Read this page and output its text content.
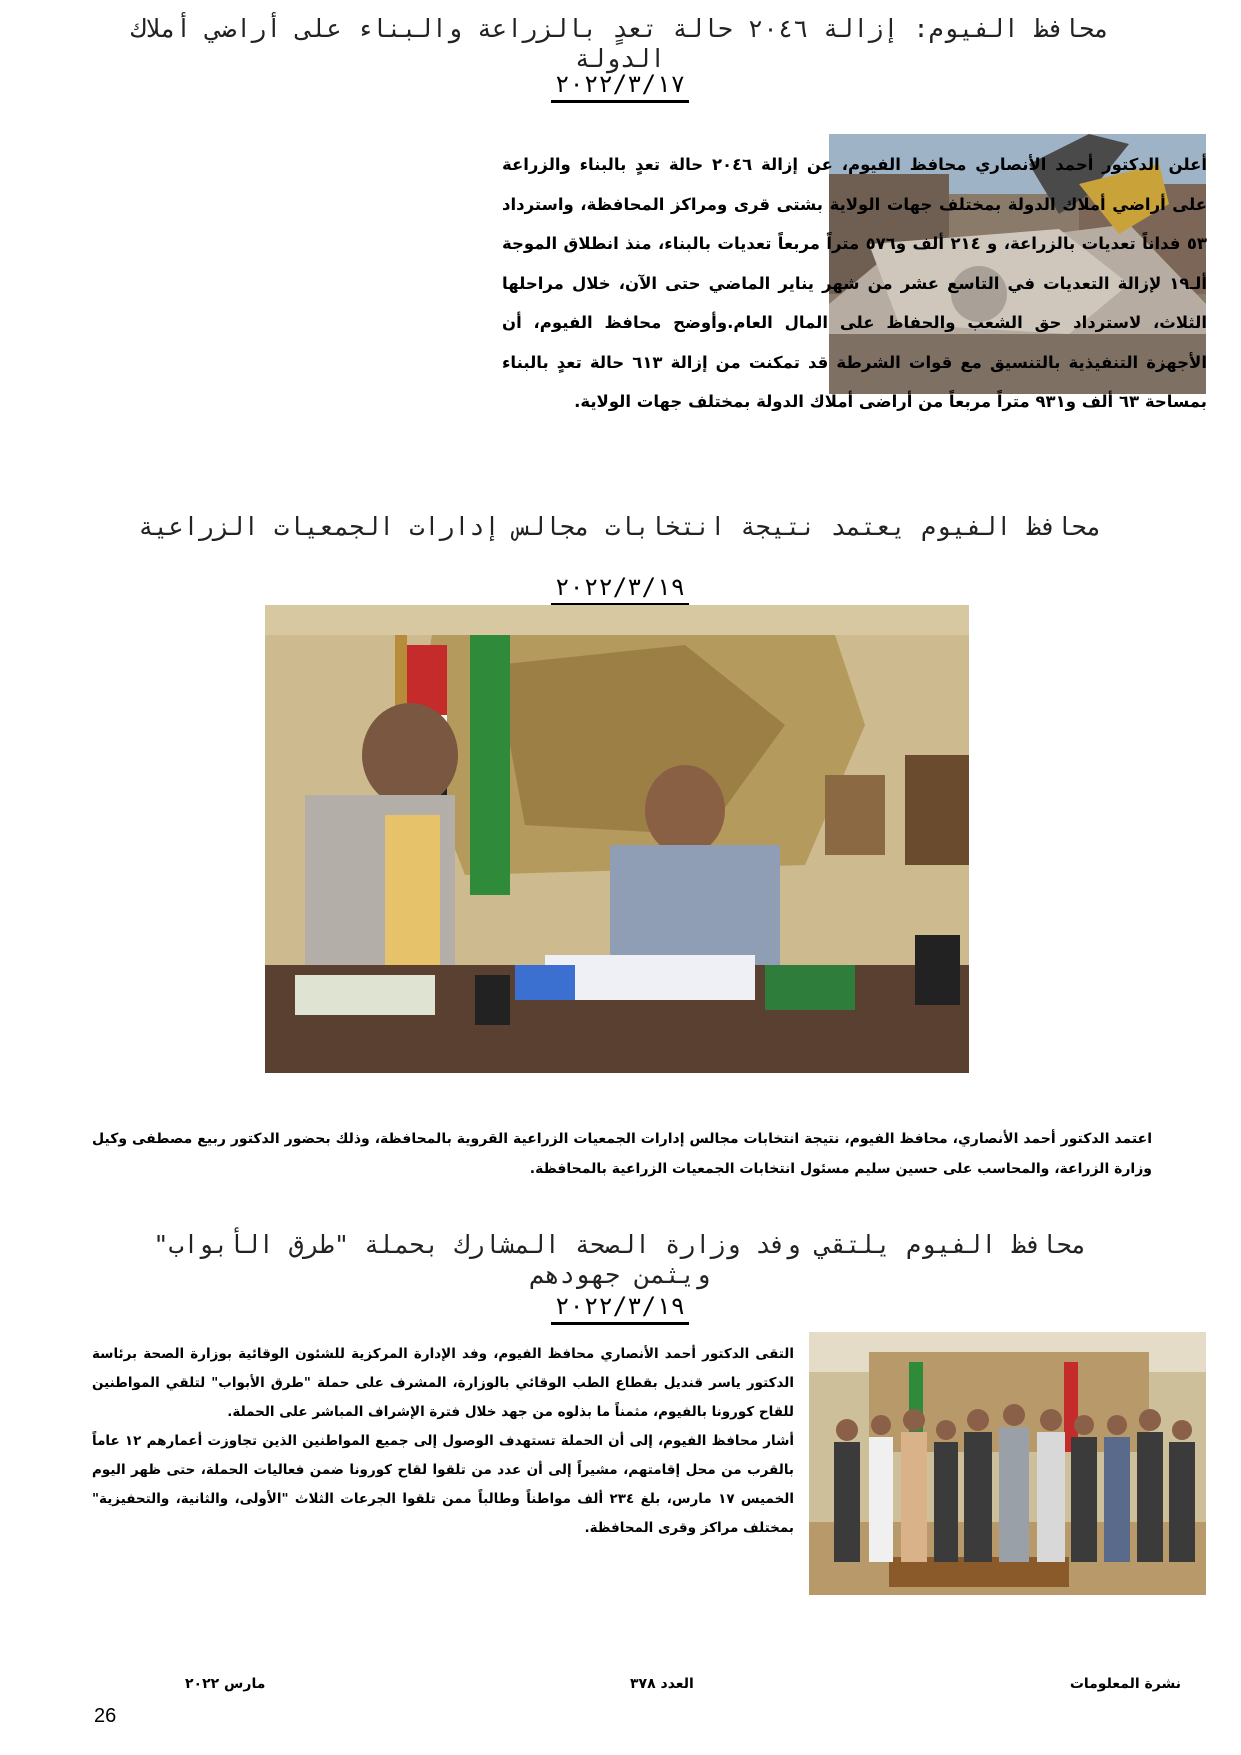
محافظ الفيوم: إزالة ٢٠٤٦ حالة تعدٍ بالزراعة والبناء على أراضي أملاك الدولة
٢٠٢٢/٣/١٧
أعلن الدكتور أحمد الأنصاري محافظ الفيوم، عن إزالة ٢٠٤٦ حالة تعدٍ بالبناء والزراعة على أراضي أملاك الدولة بمختلف جهات الولاية بشتى قرى ومراكز المحافظة، واسترداد ٥٣ فداناً تعديات بالزراعة، و ٢١٤ ألف و٥٧٦ متراً مربعاً تعديات بالبناء، منذ انطلاق الموجة ألـ١٩ لإزالة التعديات في التاسع عشر من شهر يناير الماضي حتى الآن، خلال مراحلها الثلاث، لاسترداد حق الشعب والحفاظ على المال العام.وأوضح محافظ الفيوم، أن الأجهزة التنفيذية بالتنسيق مع قوات الشرطة قد تمكنت من إزالة ٦١٣ حالة تعدٍ بالبناء بمساحة ٦٣ ألف و٩٣١ متراً مربعاً من أراضى أملاك الدولة بمختلف جهات الولاية.
محافظ الفيوم يعتمد نتيجة انتخابات مجالس إدارات الجمعيات الزراعية
٢٠٢٢/٣/١٩
اعتمد الدكتور أحمد الأنصاري، محافظ الفيوم، نتيجة انتخابات مجالس إدارات الجمعيات الزراعية القروية بالمحافظة، وذلك بحضور الدكتور ربيع مصطفى وكيل وزارة الزراعة، والمحاسب على حسين سليم مسئول انتخابات الجمعيات الزراعية بالمحافظة.
محافظ الفيوم يلتقي وفد وزارة الصحة المشارك بحملة "طرق الأبواب" ويثمن جهودهم
٢٠٢٢/٣/١٩
التقى الدكتور أحمد الأنصاري محافظ الفيوم، وفد الإدارة المركزية للشئون الوقائية بوزارة الصحة برئاسة الدكتور ياسر قنديل بقطاع الطب الوقائي بالوزارة، المشرف على حملة "طرق الأبواب" لتلقي المواطنين للقاح كورونا بالفيوم، مثمناً ما بذلوه من جهد خلال فترة الإشراف المباشر على الحملة.
أشار محافظ الفيوم، إلى أن الحملة تستهدف الوصول إلى جميع المواطنين الذين تجاوزت أعمارهم ١٢ عاماً بالقرب من محل إقامتهم، مشيراً إلى أن عدد من تلقوا لقاح كورونا ضمن فعاليات الحملة، حتى ظهر اليوم الخميس ١٧ مارس، بلغ ٢٣٤ ألف مواطناً وطالباً ممن تلقوا الجرعات الثلاث "الأولى، والثانية، والتحفيزية" بمختلف مراكز وقرى المحافظة.
نشرة المعلومات
العدد ٣٧٨
مارس ٢٠٢٢
26
